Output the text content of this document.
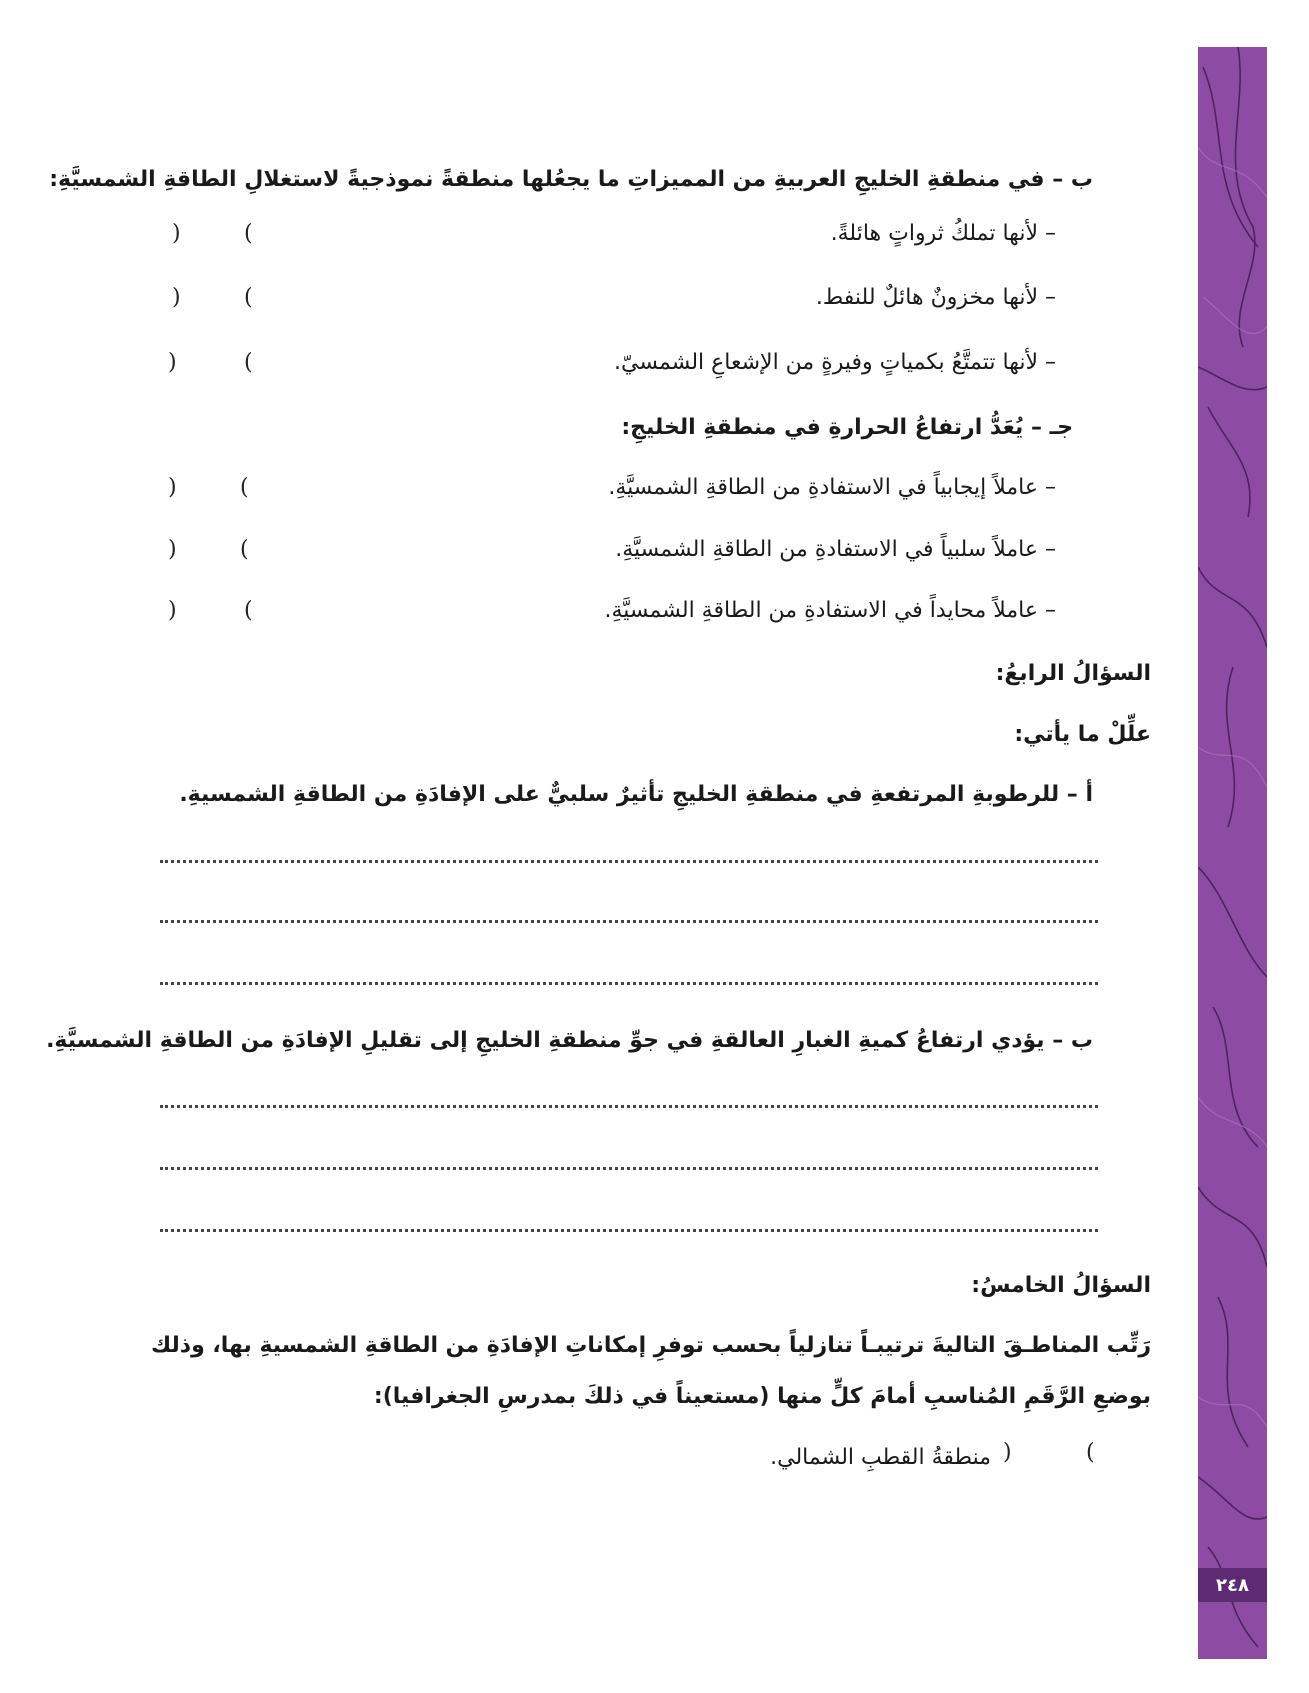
٢٤٨
ب – في منطقةِ الخليجِ العربيةِ من المميزاتِ ما يجعُلها منطقةً نموذجيةً لاستغلالِ الطاقةِ الشمسيَّةِ:
– لأنها تملكُ ثرواتٍ هائلةً.
(
)
– لأنها مخزونٌ هائلٌ للنفط.
(
)
– لأنها تتمتَّعُ بكمياتٍ وفيرةٍ من الإشعاعِ الشمسيّ.
(
)
جـ – يُعَدُّ ارتفاعُ الحرارةِ في منطقةِ الخليجِ:
– عاملاً إيجابياً في الاستفادةِ من الطاقةِ الشمسيَّةِ.
(
)
– عاملاً سلبياً في الاستفادةِ من الطاقةِ الشمسيَّةِ.
(
)
– عاملاً محايداً في الاستفادةِ من الطاقةِ الشمسيَّةِ.
(
)
السؤالُ الرابعُ:
علِّلْ ما يأتي:
أ – للرطوبةِ المرتفعةِ في منطقةِ الخليجِ تأثيرٌ سلبيٌّ على الإفادَةِ من الطاقةِ الشمسيةِ.
ب – يؤدي ارتفاعُ كميةِ الغبارِ العالقةِ في جوِّ منطقةِ الخليجِ إلى تقليلِ الإفادَةِ من الطاقةِ الشمسيَّةِ.
السؤالُ الخامسُ:
رَتِّب المناطـقَ التاليةَ ترتيبـاً تنازلياً بحسب توفرِ إمكاناتِ الإفادَةِ من الطاقةِ الشمسيةِ بها، وذلك
بوضعِ الرَّقَمِ المُناسبِ أمامَ كلٍّ منها (مستعيناً في ذلكَ بمدرسِ الجغرافيا):
(
)
منطقةُ القطبِ الشمالي.
